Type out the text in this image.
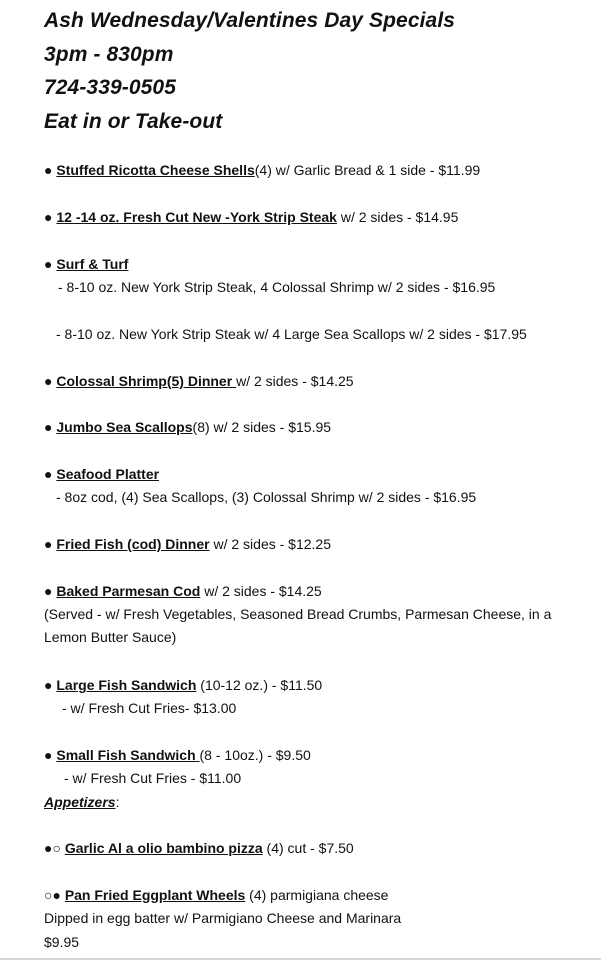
Ash Wednesday/Valentines Day Specials
3pm - 830pm
724-339-0505
Eat in or Take-out
● Stuffed Ricotta Cheese Shells(4) w/ Garlic Bread & 1 side - $11.99
● 12 -14 oz. Fresh Cut New -York Strip Steak w/ 2 sides - $14.95
● Surf & Turf
- 8-10 oz. New York Strip Steak, 4 Colossal Shrimp w/ 2 sides - $16.95
- 8-10 oz. New York Strip Steak w/ 4 Large Sea Scallops w/ 2 sides - $17.95
● Colossal Shrimp(5) Dinner w/ 2 sides - $14.25
● Jumbo Sea Scallops(8) w/ 2 sides - $15.95
● Seafood Platter
- 8oz cod, (4) Sea Scallops, (3) Colossal Shrimp w/ 2 sides - $16.95
● Fried Fish (cod) Dinner w/ 2 sides - $12.25
● Baked Parmesan Cod w/ 2 sides - $14.25
(Served - w/ Fresh Vegetables, Seasoned Bread Crumbs, Parmesan Cheese, in a
Lemon Butter Sauce)
● Large Fish Sandwich (10-12 oz.) - $11.50
- w/ Fresh Cut Fries- $13.00
● Small Fish Sandwich (8 - 10oz.) - $9.50
- w/ Fresh Cut Fries - $11.00
Appetizers:
●○ Garlic Al a olio bambino pizza (4) cut - $7.50
○● Pan Fried Eggplant Wheels (4) parmigiana cheese
Dipped in egg batter w/ Parmigiano Cheese and Marinara
$9.95
